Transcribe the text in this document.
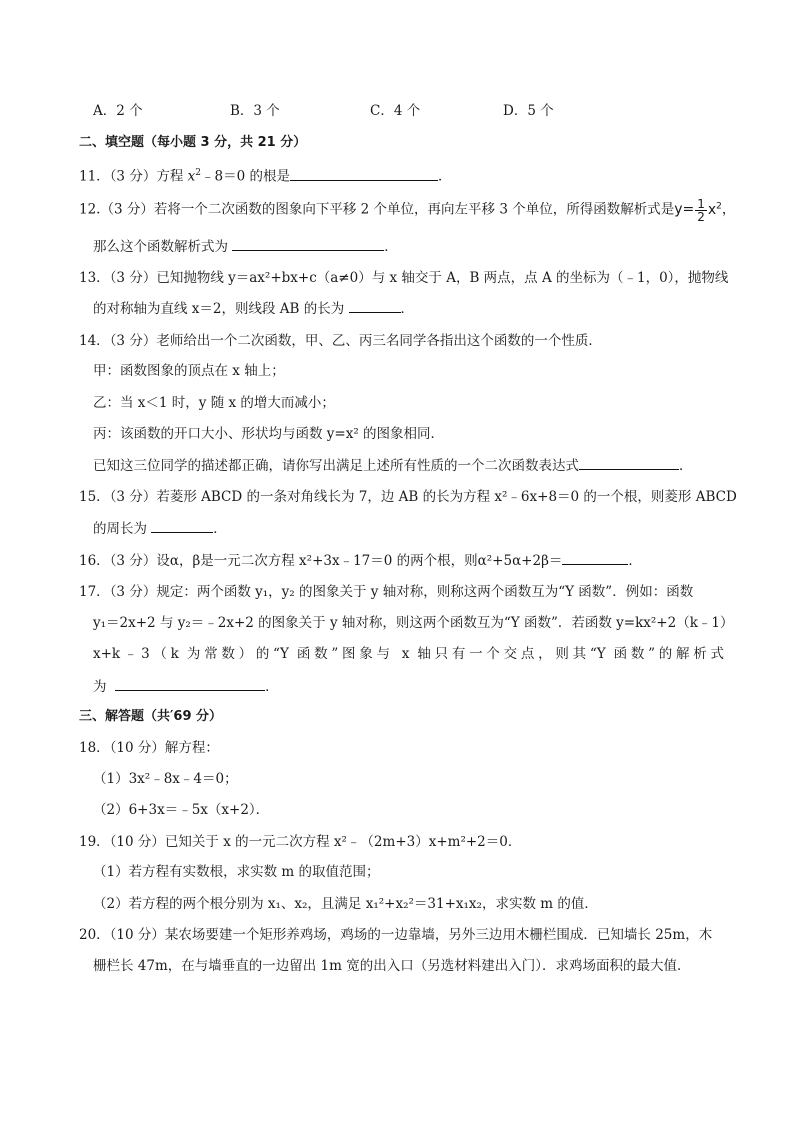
A．2 个	B．3 个	C．4 个	D．5 个
二、填空题（每小题 3 分，共 21 分）
11．（3 分）方程 $x^2﹣8=0$ 的根是	．
12.（3 分）若将一个二次函数的图象向下平移 2 个单位，再向左平移 3 个单位，所得函数解析式是$y= \frac{1}{2} x^2$，
那么这个函数解析式为	．
13．（3 分）已知抛物线 y＝ax²+bx+c（a≠0）与 x 轴交于 A，B 两点，点 A 的坐标为（﹣1，0），抛物线
的对称轴为直线 x＝2，则线段 AB 的长为	．
14．（3 分）老师给出一个二次函数，甲、乙、丙三名同学各指出这个函数的一个性质．
甲：函数图象的顶点在 x 轴上；
乙：当 x＜1 时，y 随 x 的增大而减小；
丙：该函数的开口大小、形状均与函数 y=x² 的图象相同．
已知这三位同学的描述都正确，请你写出满足上述所有性质的一个二次函数表达式	．
15．（3 分）若菱形 ABCD 的一条对角线长为 7，边 AB 的长为方程 x²﹣6x+8＝0 的一个根，则菱形 ABCD
的周长为	．
16．（3 分）设α，β是一元二次方程 x²+3x﹣17＝0 的两个根，则α²+5α+2β＝	．
17．（3 分）规定：两个函数 y₁，y₂ 的图象关于 y 轴对称，则称这两个函数互为“Y 函数”．例如：函数
y₁＝2x+2 与 y₂＝﹣2x+2 的图象关于 y 轴对称，则这两个函数互为“Y 函数”．若函数 y=kx²+2（k﹣1）
x+k﹣3（k 为常数）的“Y 函数”图象与 x 轴只有一个交点，则其“Y 函数”的解析式
为	．
三、解答题（共′69 分）
18．（10 分）解方程：
（1）3x²﹣8x﹣4＝0；
（2）6+3x＝﹣5x（x+2）．
19．（10 分）已知关于 x 的一元二次方程 x²﹣（2m+3）x+m²+2＝0．
（1）若方程有实数根，求实数 m 的取值范围；
（2）若方程的两个根分别为 x₁、x₂，且满足 x₁²+x₂²＝31+x₁x₂，求实数 m 的值．
20．（10 分）某农场要建一个矩形养鸡场，鸡场的一边靠墙，另外三边用木栅栏围成．已知墙长 25m，木
栅栏长 47m，在与墙垂直的一边留出 1m 宽的出入口（另选材料建出入门）．求鸡场面积的最大值．
